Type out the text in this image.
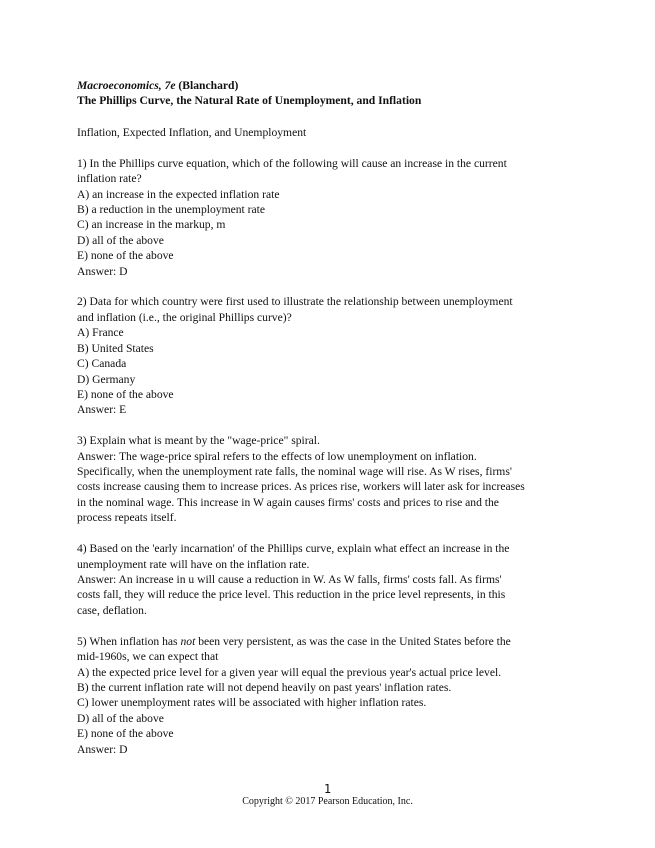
Macroeconomics, 7e (Blanchard)
The Phillips Curve, the Natural Rate of Unemployment, and Inflation
Inflation, Expected Inflation, and Unemployment
1) In the Phillips curve equation, which of the following will cause an increase in the current
inflation rate?
A) an increase in the expected inflation rate
B) a reduction in the unemployment rate
C) an increase in the markup, m
D) all of the above
E) none of the above
Answer: D
2) Data for which country were first used to illustrate the relationship between unemployment
and inflation (i.e., the original Phillips curve)?
A) France
B) United States
C) Canada
D) Germany
E) none of the above
Answer: E
3) Explain what is meant by the "wage-price" spiral.
Answer: The wage-price spiral refers to the effects of low unemployment on inflation.
Specifically, when the unemployment rate falls, the nominal wage will rise. As W rises, firms'
costs increase causing them to increase prices. As prices rise, workers will later ask for increases
in the nominal wage. This increase in W again causes firms' costs and prices to rise and the
process repeats itself.
4) Based on the 'early incarnation' of the Phillips curve, explain what effect an increase in the
unemployment rate will have on the inflation rate.
Answer: An increase in u will cause a reduction in W. As W falls, firms' costs fall. As firms'
costs fall, they will reduce the price level. This reduction in the price level represents, in this
case, deflation.
5) When inflation has not been very persistent, as was the case in the United States before the
mid-1960s, we can expect that
A) the expected price level for a given year will equal the previous year's actual price level.
B) the current inflation rate will not depend heavily on past years' inflation rates.
C) lower unemployment rates will be associated with higher inflation rates.
D) all of the above
E) none of the above
Answer: D
1
Copyright © 2017 Pearson Education, Inc.
